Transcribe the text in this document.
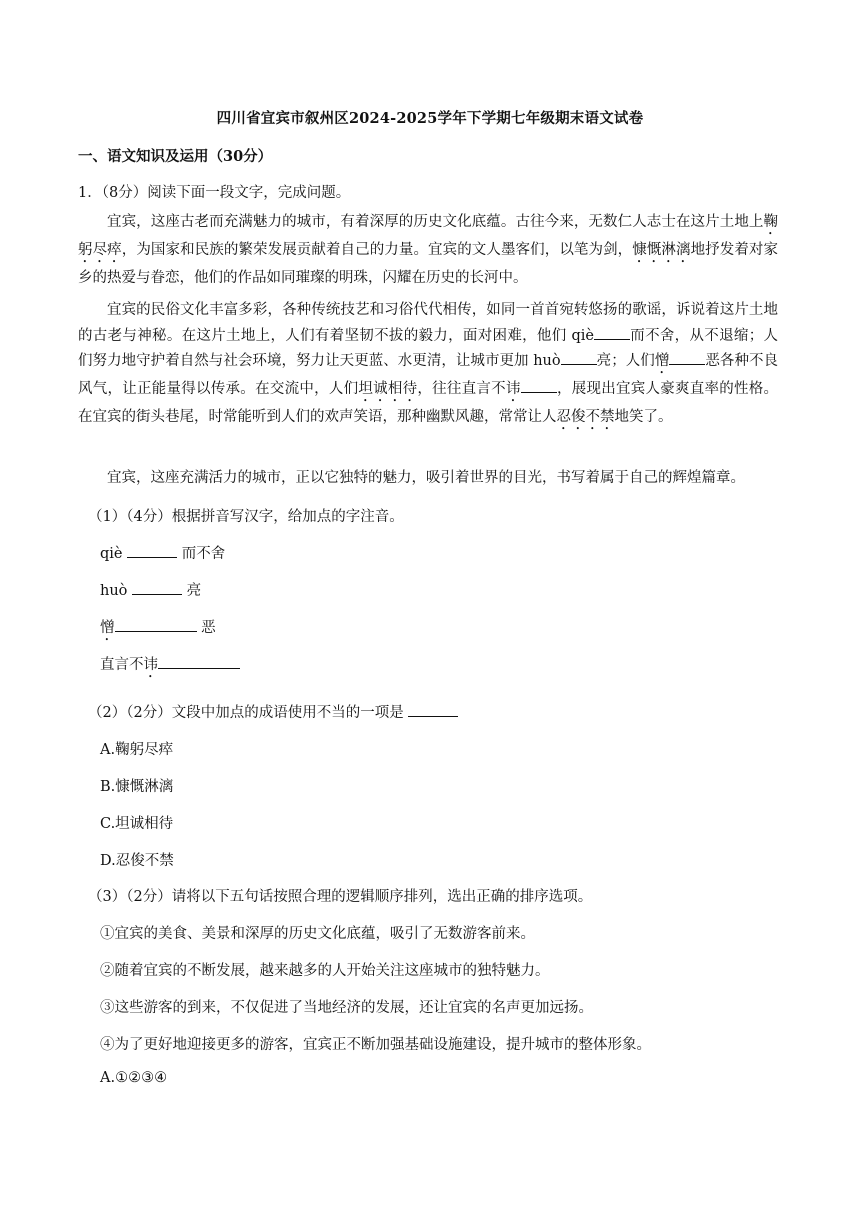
四川省宜宾市叙州区2024-2025学年下学期七年级期末语文试卷
一、语文知识及运用（30分）
1．（8分）阅读下面一段文字，完成问题。
宜宾，这座古老而充满魅力的城市，有着深厚的历史文化底蕴。古往今来，无数仁人志士在这片土地上鞠躬尽瘁，为国家和民族的繁荣发展贡献着自己的力量。宜宾的文人墨客们，以笔为剑，慷慨淋漓地抒发着对家乡的热爱与眷恋，他们的作品如同璀璨的明珠，闪耀在历史的长河中。
宜宾的民俗文化丰富多彩，各种传统技艺和习俗代代相传，如同一首首宛转悠扬的歌谣，诉说着这片土地的古老与神秘。在这片土地上，人们有着坚韧不拔的毅力，面对困难，他们 qiè 而不舍，从不退缩；人们努力地守护着自然与社会环境，努力让天更蓝、水更清，让城市更加 huò 亮；人们憎 恶各种不良风气，让正能量得以传承。在交流中，人们坦诚相待，往往直言不讳 ，展现出宜宾人豪爽直率的性格。在宜宾的街头巷尾，时常能听到人们的欢声笑语，那种幽默风趣，常常让人忍俊不禁地笑了。
宜宾，这座充满活力的城市，正以它独特的魅力，吸引着世界的目光，书写着属于自己的辉煌篇章。
（1）（4分）根据拼音写汉字，给加点的字注音。
qiè	而不舍
huò	亮
憎	恶
直言不讳
（2）（2分）文段中加点的成语使用不当的一项是
A.鞠躬尽瘁
B.慷慨淋漓
C.坦诚相待
D.忍俊不禁
（3）（2分）请将以下五句话按照合理的逻辑顺序排列，选出正确的排序选项。
①宜宾的美食、美景和深厚的历史文化底蕴，吸引了无数游客前来。
②随着宜宾的不断发展，越来越多的人开始关注这座城市的独特魅力。
③这些游客的到来，不仅促进了当地经济的发展，还让宜宾的名声更加远扬。
④为了更好地迎接更多的游客，宜宾正不断加强基础设施建设，提升城市的整体形象。
A.①②③④
